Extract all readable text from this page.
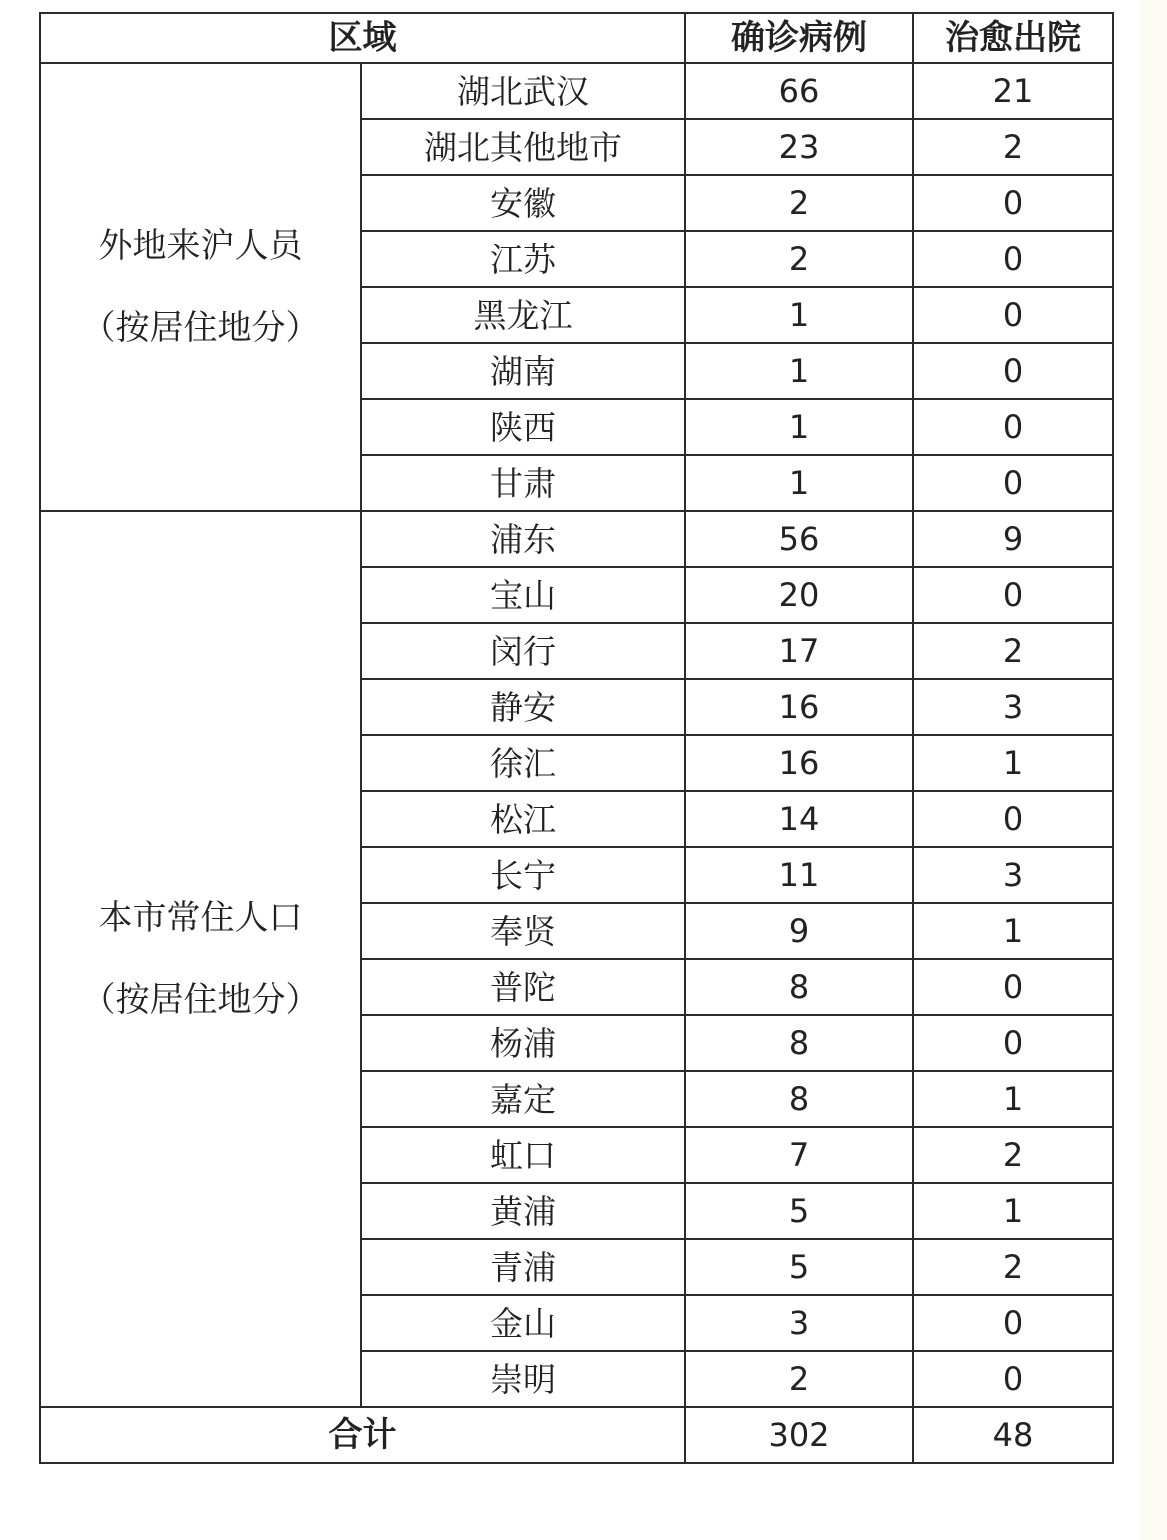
区域		确诊病例	治愈出院

外地来沪人员
（按居住地分）	湖北武汉	66	21
	湖北其他地市	23	2
	安徽	2	0
	江苏	2	0
	黑龙江	1	0
	湖南	1	0
	陕西	1	0
	甘肃	1	0

本市常住人口
（按居住地分）	浦东	56	9
	宝山	20	0
	闵行	17	2
	静安	16	3
	徐汇	16	1
	松江	14	0
	长宁	11	3
	奉贤	9	1
	普陀	8	0
	杨浦	8	0
	嘉定	8	1
	虹口	7	2
	黄浦	5	1
	青浦	5	2
	金山	3	0
	崇明	2	0
合计		302	48
